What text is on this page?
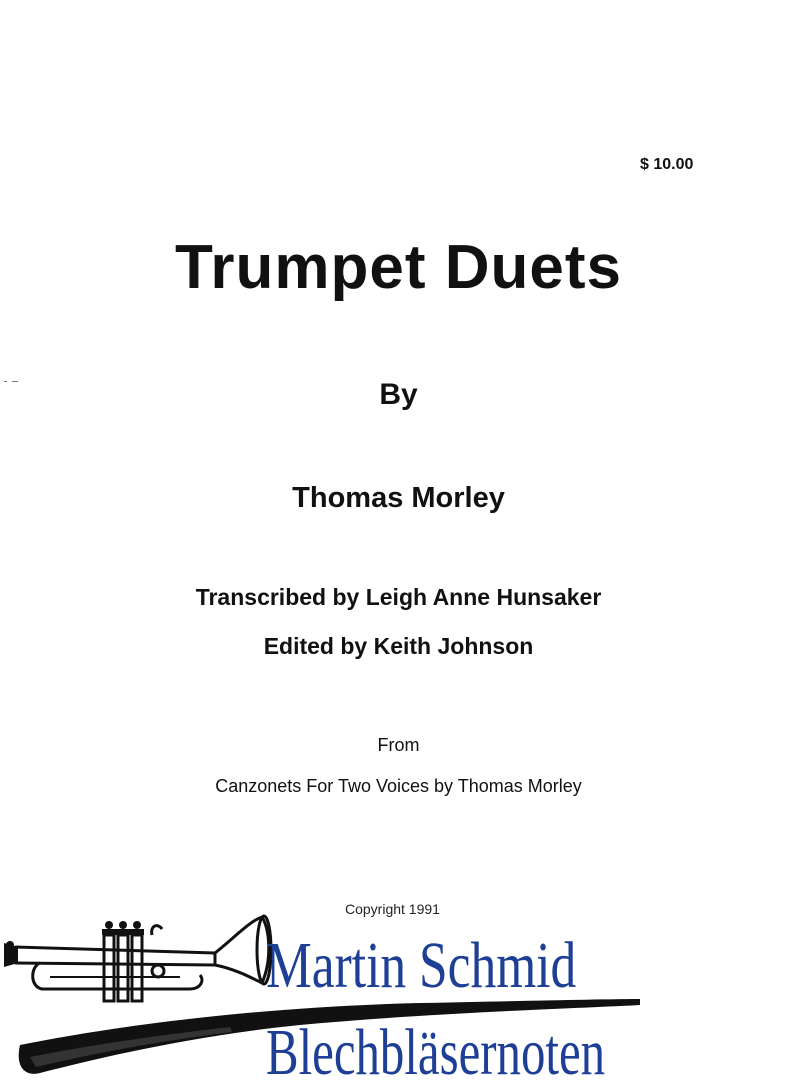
$ 10.00
Trumpet Duets
By
Thomas Morley
Transcribed by Leigh Anne Hunsaker
Edited by Keith Johnson
From
Canzonets For Two Voices by Thomas Morley
Copyright 1991
Martin Schmid
Blechbläsernoten
